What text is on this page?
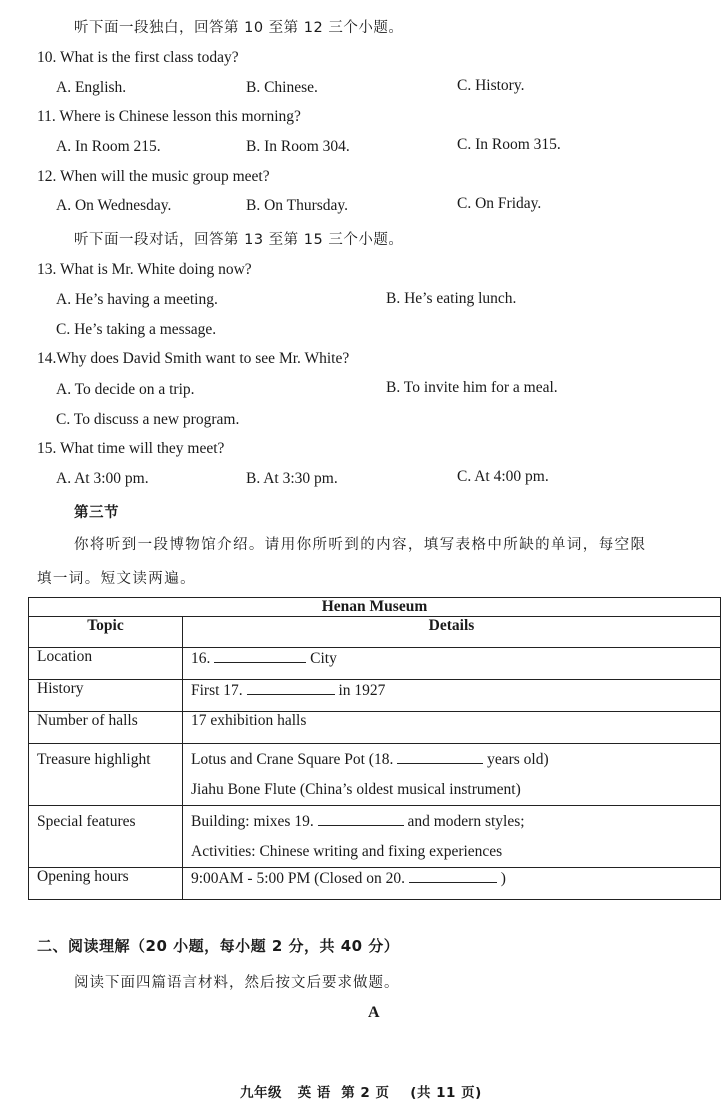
听下面一段独白，回答第 10 至第 12 三个小题。
10. What is the first class today?
A. English.	B. Chinese.	C. History.
11. Where is Chinese lesson this morning?
A. In Room 215.	B. In Room 304.	C. In Room 315.
12. When will the music group meet?
A. On Wednesday.	B. On Thursday.	C. On Friday.
听下面一段对话，回答第 13 至第 15 三个小题。
13. What is Mr. White doing now?
A. He’s having a meeting.	B. He’s eating lunch.
C. He’s taking a message.
14.Why does David Smith want to see Mr. White?
A. To decide on a trip.	B. To invite him for a meal.
C. To discuss a new program.
15. What time will they meet?
A. At 3:00 pm.	B. At 3:30 pm.	C. At 4:00 pm.
第三节
你将听到一段博物馆介绍。请用你所听到的内容，填写表格中所缺的单词，每空限
填一词。短文读两遍。
Henan Museum	
Topic	Details
Location	16. City
History	First 17. in 1927
Number of halls	17 exhibition halls

Treasure highlight	Lotus and Crane Square Pot (18. years old)
Jiahu Bone Flute (China’s oldest musical instrument)

Special features	Building: mixes 19. and modern styles;
Activities: Chinese writing and fixing experiences

Opening hours	9:00AM - 5:00 PM (Closed on 20. )
二、阅读理解（20 小题，每小题 2 分，共 40 分）
阅读下面四篇语言材料，然后按文后要求做题。
A
九年级   英 语  第 2 页    (共 11 页)
